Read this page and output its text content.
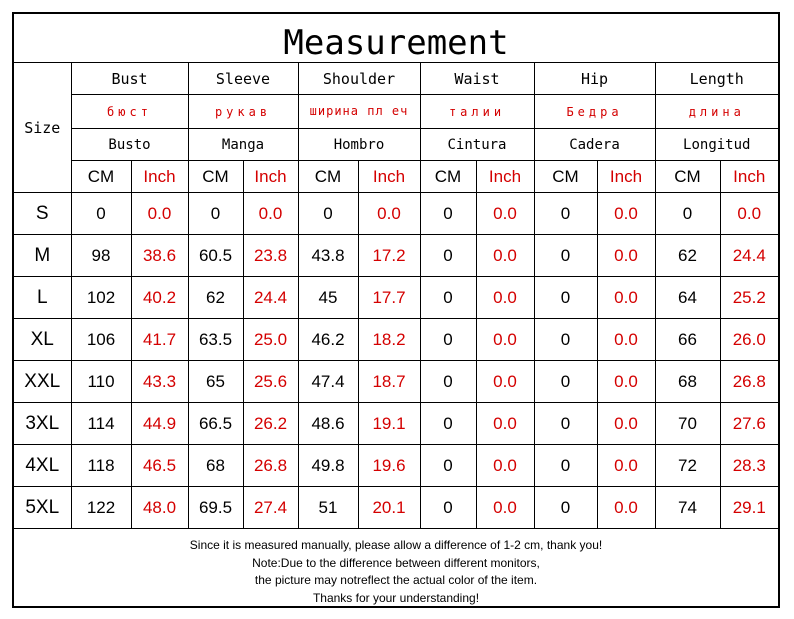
Measurement
Size	Bust		Sleeve		Shoulder		Waist		Hip		Length	
	бюст		рукав		ширина пл еч		талии		Бедра		длина	
	Busto		Manga		Hombro		Cintura		Cadera		Longitud	
	CM	Inch	CM	Inch	CM	Inch	CM	Inch	CM	Inch	CM	Inch
S	0	0.0	0	0.0	0	0.0	0	0.0	0	0.0	0	0.0
M	98	38.6	60.5	23.8	43.8	17.2	0	0.0	0	0.0	62	24.4
L	102	40.2	62	24.4	45	17.7	0	0.0	0	0.0	64	25.2
XL	106	41.7	63.5	25.0	46.2	18.2	0	0.0	0	0.0	66	26.0
XXL	110	43.3	65	25.6	47.4	18.7	0	0.0	0	0.0	68	26.8
3XL	114	44.9	66.5	26.2	48.6	19.1	0	0.0	0	0.0	70	27.6
4XL	118	46.5	68	26.8	49.8	19.6	0	0.0	0	0.0	72	28.3
5XL	122	48.0	69.5	27.4	51	20.1	0	0.0	0	0.0	74	29.1
Since it is measured manually, please allow a difference of 1-2 cm, thank you!
Note:Due to the difference between different monitors,
the picture may notreflect the actual color of the item.
Thanks for your understanding!
